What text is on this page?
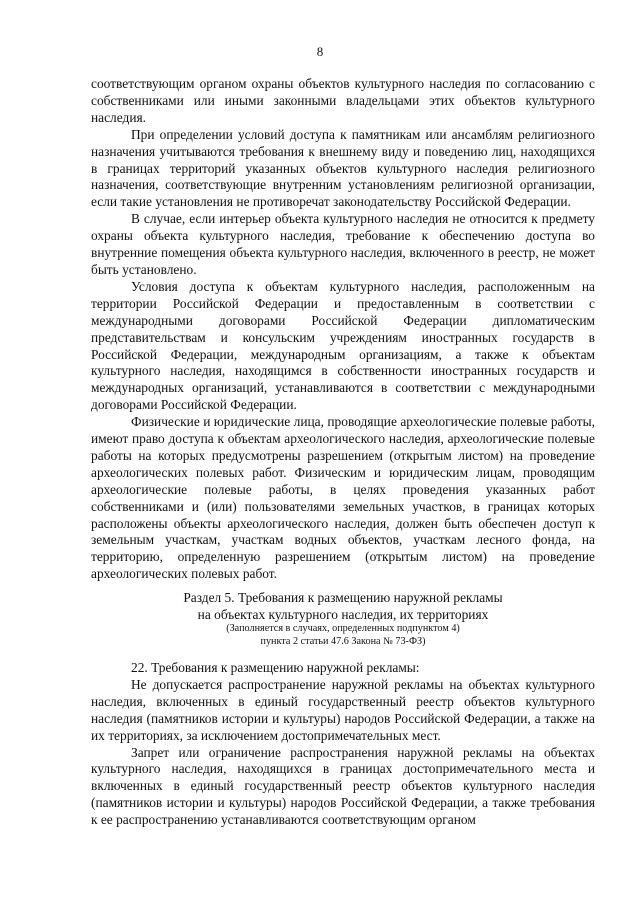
8

соответствующим органом охраны объектов культурного наследия по согласованию с собственниками или иными законными владельцами этих объектов культурного наследия.

При определении условий доступа к памятникам или ансамблям религиозного назначения учитываются требования к внешнему виду и поведению лиц, находящихся в границах территорий указанных объектов культурного наследия религиозного назначения, соответствующие внутренним установлениям религиозной организации, если такие установления не противоречат законодательству Российской Федерации.

В случае, если интерьер объекта культурного наследия не относится к предмету охраны объекта культурного наследия, требование к обеспечению доступа во внутренние помещения объекта культурного наследия, включенного в реестр, не может быть установлено.

Условия доступа к объектам культурного наследия, расположенным на территории Российской Федерации и предоставленным в соответствии с международными договорами Российской Федерации дипломатическим представительствам и консульским учреждениям иностранных государств в Российской Федерации, международным организациям, а также к объектам культурного наследия, находящимся в собственности иностранных государств и международных организаций, устанавливаются в соответствии с международными договорами Российской Федерации.

Физические и юридические лица, проводящие археологические полевые работы, имеют право доступа к объектам археологического наследия, археологические полевые работы на которых предусмотрены разрешением (открытым листом) на проведение археологических полевых работ. Физическим и юридическим лицам, проводящим археологические полевые работы, в целях проведения указанных работ собственниками и (или) пользователями земельных участков, в границах которых расположены объекты археологического наследия, должен быть обеспечен доступ к земельным участкам, участкам водных объектов, участкам лесного фонда, на территорию, определенную разрешением (открытым листом) на проведение археологических полевых работ.

Раздел 5. Требования к размещению наружной рекламы
на объектах культурного наследия, их территориях
(Заполняется в случаях, определенных подпунктом 4)
пункта 2 статьи 47.6 Закона № 73-ФЗ)

22. Требования к размещению наружной рекламы:

Не допускается распространение наружной рекламы на объектах культурного наследия, включенных в единый государственный реестр объектов культурного наследия (памятников истории и культуры) народов Российской Федерации, а также на их территориях, за исключением достопримечательных мест.

Запрет или ограничение распространения наружной рекламы на объектах культурного наследия, находящихся в границах достопримечательного места и включенных в единый государственный реестр объектов культурного наследия (памятников истории и культуры) народов Российской Федерации, а также требования к ее распространению устанавливаются соответствующим органом
